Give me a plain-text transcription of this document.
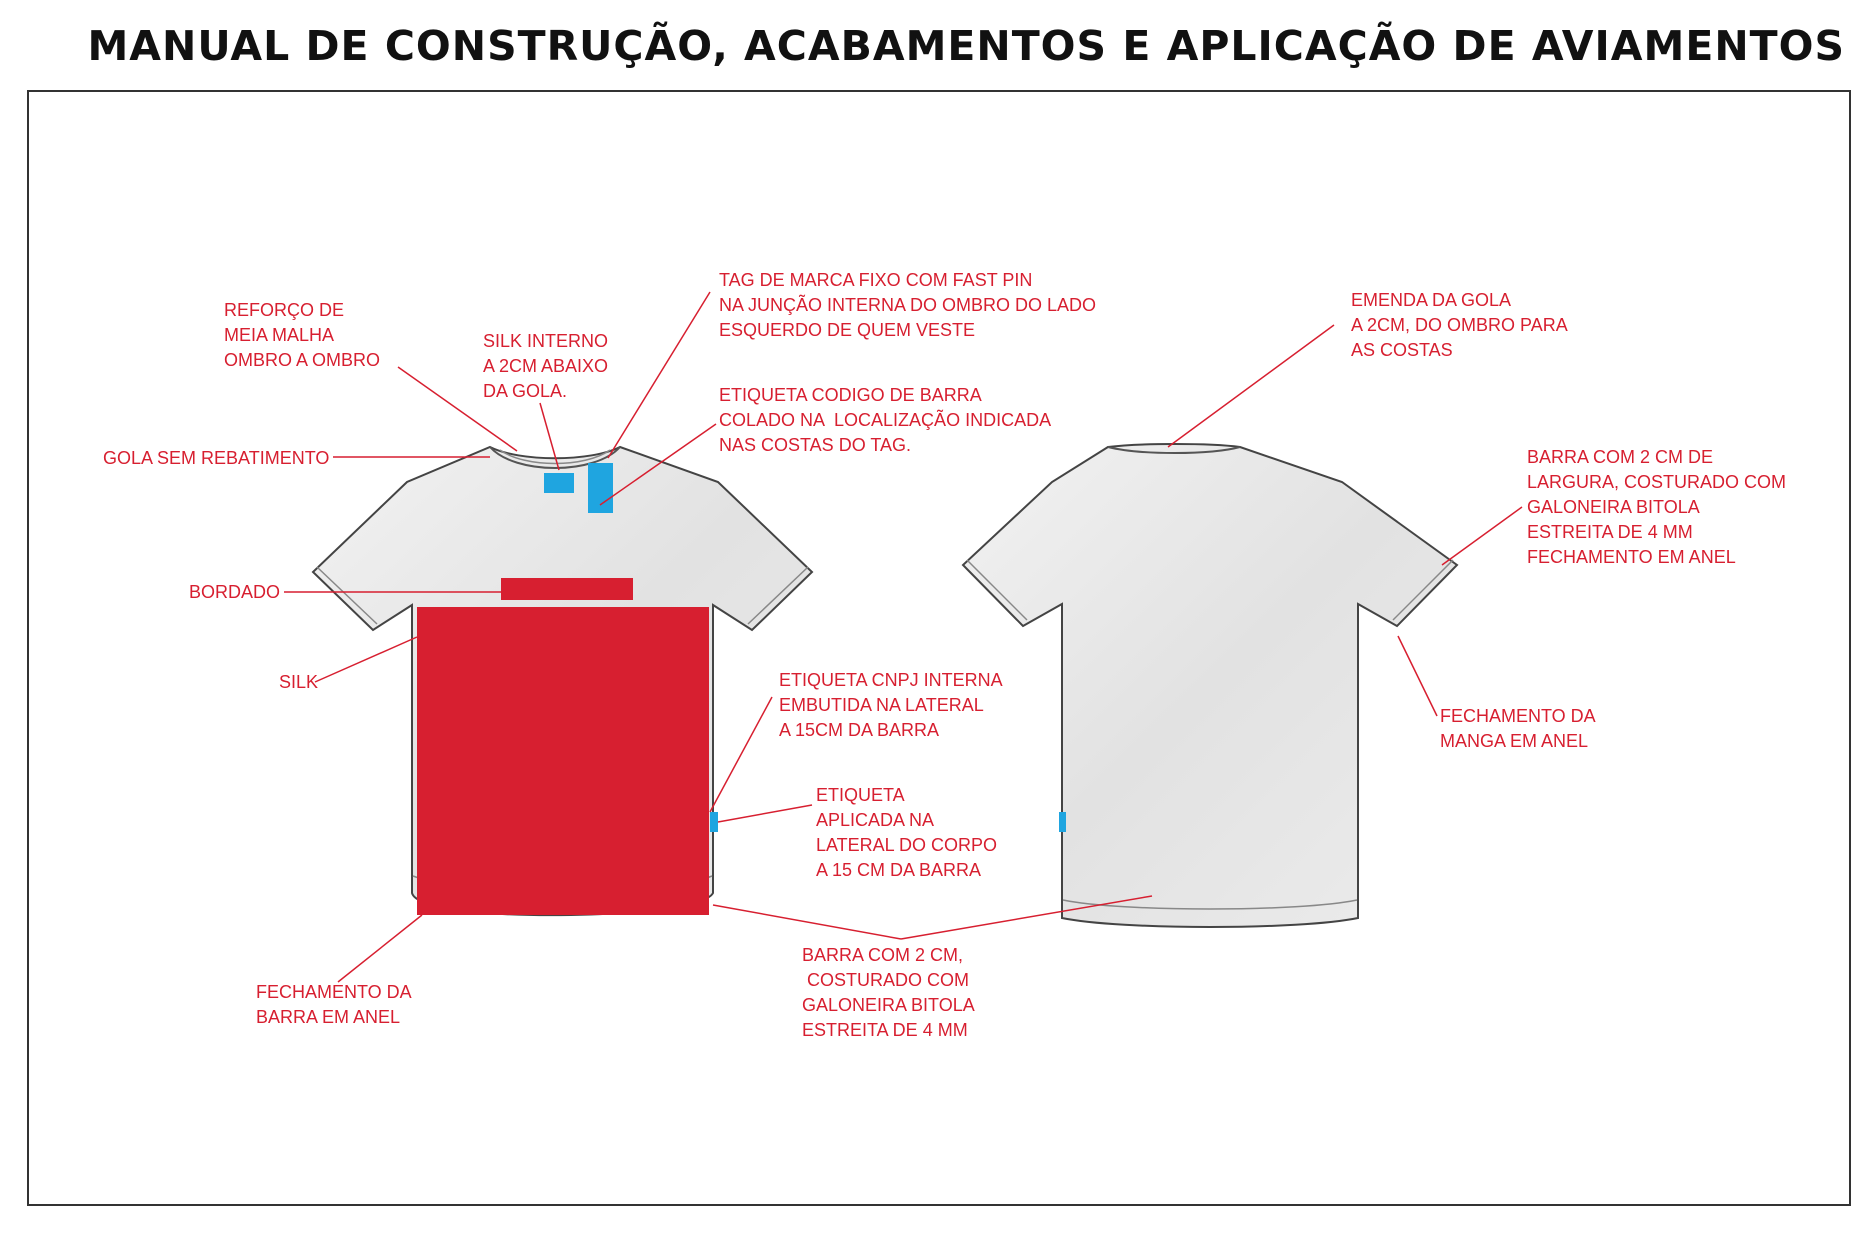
MANUAL DE CONSTRUÇÃO, ACABAMENTOS E APLICAÇÃO DE AVIAMENTOS
REFORÇO DE
MEIA MALHA
OMBRO A OMBRO
SILK INTERNO
A 2CM ABAIXO
DA GOLA.
TAG DE MARCA FIXO COM FAST PIN
NA JUNÇÃO INTERNA DO OMBRO DO LADO
ESQUERDO DE QUEM VESTE
ETIQUETA CODIGO DE BARRA
COLADO NA  LOCALIZAÇÃO INDICADA
NAS COSTAS DO TAG.
GOLA SEM REBATIMENTO
BORDADO
SILK	ETIQUETA CNPJ INTERNA
EMBUTIDA NA LATERAL
A 15CM DA BARRA
ETIQUETA
APLICADA NA
LATERAL DO CORPO
A 15 CM DA BARRA
FECHAMENTO DA
BARRA EM ANEL
BARRA COM 2 CM,
COSTURADO COM
GALONEIRA BITOLA
ESTREITA DE 4 MM
EMENDA DA GOLA
A 2CM, DO OMBRO PARA
AS COSTAS
BARRA COM 2 CM DE
LARGURA, COSTURADO COM
GALONEIRA BITOLA
ESTREITA DE 4 MM
FECHAMENTO EM ANEL
FECHAMENTO DA
MANGA EM ANEL
